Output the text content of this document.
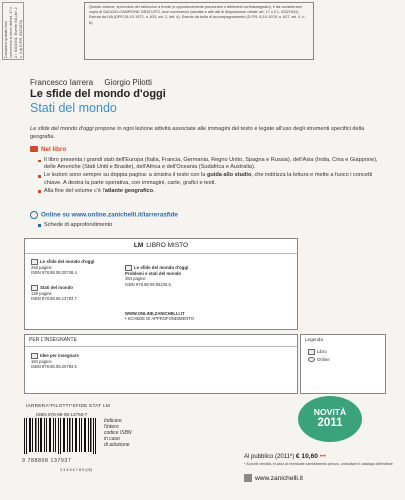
Campione gratuito fuori commercio ai sensi dell'art. 17 c. 2 l. 633/1941. Esente IVA (art. 2 c. 3 d) D.P.R. 633/1972)
Questo volume, sprovvisto del talloncino a fronte (o opportunamente punzonato o altrimenti contrassegnato), è da considerarsi copia di SAGGIO-CAMPIONE GRATUITO, fuori commercio (vendita e altri atti di disposizione vietati: art. 17 c.2 L. 633/1941). Esente da IVA (DPR 26-10-1972, n. 633, art. 2, lett. d). Esente da bolla di accompagnamento (D.P.R. 6-10-1978, n. 627, art. 4, n. 6).
Francesco Iarrera Giorgio Pilotti
Le sfide del mondo d'oggi
Stati del mondo
Le sfide del mondo d'oggi propone in ogni lezione attività associate alle immagini del testo e legate all'uso degli strumenti specifici della geografia.
Nel libro
Il libro presenta i grandi stati dell'Europa (Italia, Francia, Germania, Regno Unito, Spagna e Russia), dell'Asia (India, Cina e Giappone), delle Americhe (Stati Uniti e Brasile), dell'Africa e dell'Oceania (Sudafrica e Australia).
Le lezioni sono sempre su doppia pagina: a sinistra il testo con la guida allo studio, che indirizza la lettura e mette a fuoco i concetti chiave. A destra la parte operativa, con immagini, carte, grafici e testi.
Alla fine del volume c'è l'atlante geografico.
Online su www.online.zanichelli.it/iarrerasfide
Schede di approfondimento
LM LIBRO MISTO
Le sfide del mondo d'oggi
256 pagine
ISBN 978.88.08.20748.4
Le sfide del mondo d'oggi
Problemi e stati del mondo
384 pagine
ISBN 978.88.08.06225.5
Stati del mondo
128 pagine
ISBN 978.88.08.13793.7
WWW.ONLINE.ZANICHELLI.IT
• SCHEDE DI APPROFONDIMENTO
PER L'INSEGNANTE
Idee per insegnare
184 pagine
ISBN 978.88.08.20784.5
Legenda
Libro
Online
IARRERA*PILOTTI*SFIDE STAT LM
ISBN 978-88-08-13793-7
Indicare
l'intero
codice ISBN
in caso
di adozione
9 788808 137937
2 3 4 5 6 7 8 9 (02)
NOVITÀ
2011
Al pubblico (2011*) € 10,60 •••
* Ai punti vendita, in caso di eventuale cambiamento prezzo, consultare il catalogo dell'editore
www.zanichelli.it
